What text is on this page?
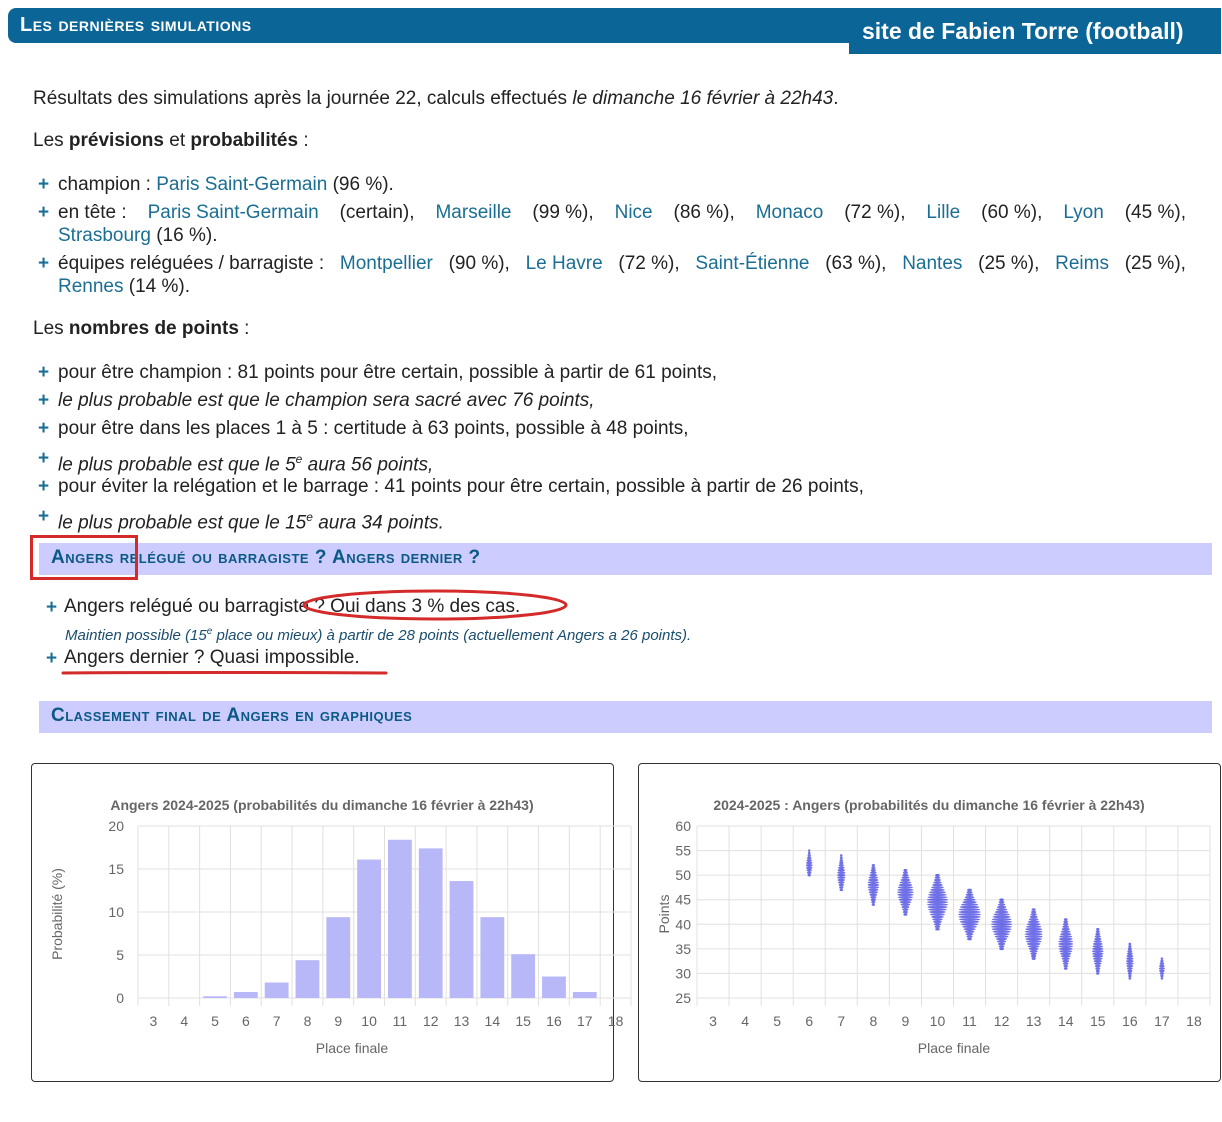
Les dernières simulations	site de Fabien Torre (football)
Résultats des simulations après la journée 22, calculs effectués le dimanche 16 février à 22h43.
Les prévisions et probabilités :
+ champion : Paris Saint-Germain (96 %).
+ en tête : Paris Saint-Germain (certain), Marseille (99 %), Nice (86 %), Monaco (72 %), Lille (60 %), Lyon (45 %),
Strasbourg (16 %).
+ équipes reléguées / barragiste : Montpellier (90 %), Le Havre (72 %), Saint-Étienne (63 %), Nantes (25 %), Reims (25 %),
Rennes (14 %).
Les nombres de points :
+ pour être champion : 81 points pour être certain, possible à partir de 61 points,
+ le plus probable est que le champion sera sacré avec 76 points,
+ pour être dans les places 1 à 5 : certitude à 63 points, possible à 48 points,
+ le plus probable est que le 5e aura 56 points,
+ pour éviter la relégation et le barrage : 41 points pour être certain, possible à partir de 26 points,
+ le plus probable est que le 15e aura 34 points.
Angers relégué ou barragiste ? Angers dernier ?
+ Angers relégué ou barragiste ? Oui dans 3 % des cas.
Maintien possible (15e place ou mieux) à partir de 28 points (actuellement Angers a 26 points).
+ Angers dernier ? Quasi impossible.
Classement final de Angers en graphiques
0
5
10
15
20
3 4 5 6 7 8 9 10 11 12 13 14 15 16 17 18
Angers 2024-2025 (probabilités du dimanche 16 février à 22h43)
Place finale
Probabilité (%)
25
30
35
40
45
50
55
60
3 4 5 6 7 8 9 10 11 12 13 14 15 16 17 18
2024-2025 : Angers (probabilités du dimanche 16 février à 22h43)
Place finale
Points
